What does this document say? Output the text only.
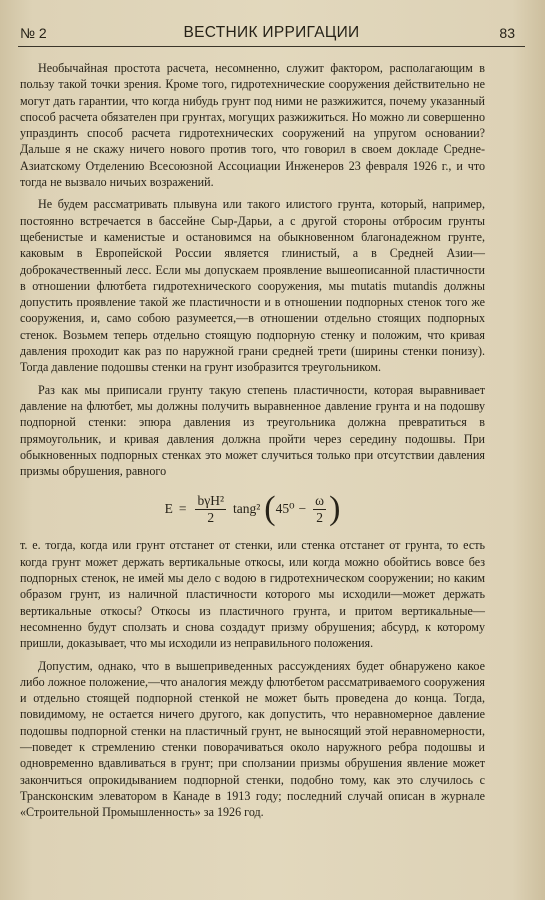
№ 2	ВЕСТНИК ИРРИГАЦИИ	83

Необычайная простота расчета, несомненно, служит фактором, располагающим в пользу такой точки зрения. Кроме того, гидротехнические сооружения действительно не могут дать гарантии, что когда нибудь грунт под ними не разжижится, почему указанный способ расчета обязателен при грунтах, могущих разжижиться. Но можно ли совершенно упраздинть способ расчета гидротехнических сооружений на упругом основании? Дальше я не скажу ничего нового против того, что говорил в своем докладе Средне-Азиатскому Отделению Всесоюзной Ассоциации Инженеров 23 февраля 1926 г., и что тогда не вызвало ничьих возражений.

Не будем рассматривать плывуна или такого илистого грунта, который, например, постоянно встречается в бассейне Сыр-Дарьи, а с другой стороны отбросим грунты щебенистые и каменистые и остановимся на обыкновенном благонадежном грунте, каковым в Европейской России является глинистый, а в Средней Азии—доброкачественный лесс. Если мы допускаем проявление вышеописанной пластичности в отношении флютбета гидротехнического сооружения, мы mutatis mutandis должны допустить проявление такой же пластичности и в отношении подпорных стенок того же сооружения, и, само собою разумеется,—в отношении отдельно стоящих подпорных стенок. Возьмем теперь отдельно стоящую подпорную стенку и положим, что кривая давления проходит как раз по наружной грани средней трети (ширины стенки понизу). Тогда давление подошвы стенки на грунт изобразится треугольником.

Раз как мы приписали грунту такую степень пластичности, которая выравнивает давление на флютбет, мы должны получить выравненное давление грунта и на подошву подпорной стенки: эпюра давления из треугольника должна превратиться в прямоугольник, и кривая давления должна пройти через середину подошвы. При обыкновенных подпорных стенках это может случиться только при отсутствии давления призмы обрушения, равного

$E = \frac{\text{bγH²}}{2} \tan g^2$ ( $45^0 - \frac{\omega}{2}$ )

т. е. тогда, когда или грунт отстанет от стенки, или стенка отстанет от грунта, то есть когда грунт может держать вертикальные откосы, или когда можно обойтись вовсе без подпорных стенок, не имей мы дело с водою в гидротехническом сооружении; но каким образом грунт, из наличной пластичности которого мы исходили—может держать вертикальные откосы? Откосы из пластичного грунта, и притом вертикальные—несомненно будут сползать и снова создадут призму обрушения; абсурд, к которому пришли, доказывает, что мы исходили из неправильного положения.

Допустим, однако, что в вышеприведенных рассуждениях будет обнаружено какое либо ложное положение,—что аналогия между флютбетом рассматриваемого сооружения и отдельно стоящей подпорной стенкой не может быть проведена до конца. Тогда, повидимому, не остается ничего другого, как допустить, что неравномерное давление подошвы подпорной стенки на пластичный грунт, не выносящий этой неравномерности,—поведет к стремлению стенки поворачиваться около наружного ребра подошвы и одновременно вдавливаться в грунт; при сползании призмы обрушения явление может закончиться опрокидыванием подпорной стенки, подобно тому, как это случилось с Трансконским элеватором в Канаде в 1913 году; последний случай описан в журнале «Строительной Промышленность» за 1926 год.
